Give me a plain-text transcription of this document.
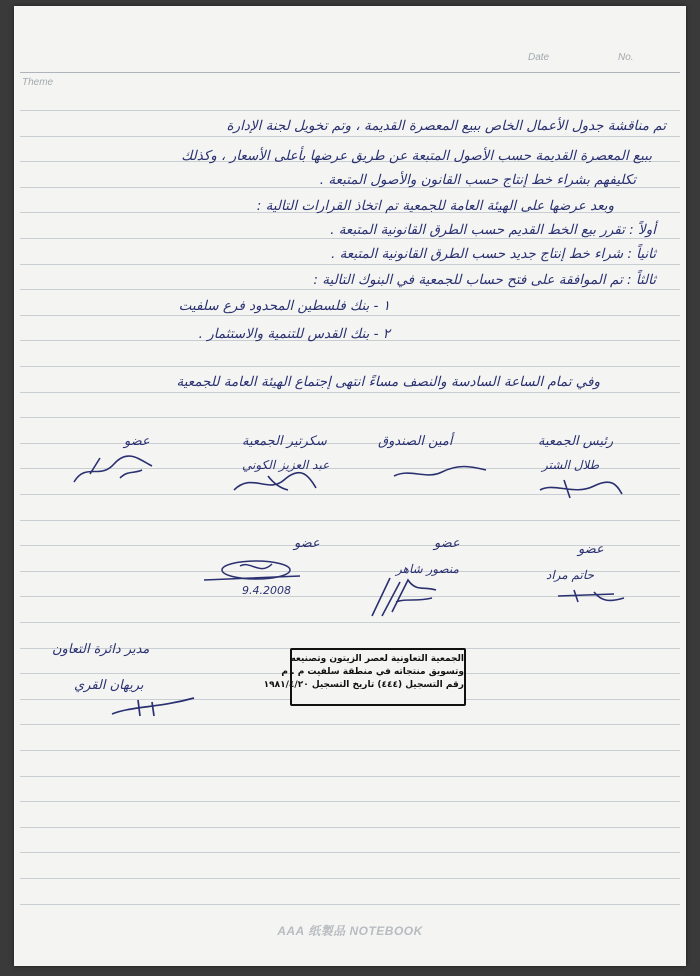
Theme
Date	No.
تم مناقشة جدول الأعمال الخاص ببيع المعصرة القديمة ، وتم تخويل لجنة الإدارة
ببيع المعصرة القديمة حسب الأصول المتبعة عن طريق عرضها بأعلى الأسعار ، وكذلك
تكليفهم بشراء خط إنتاج حسب القانون والأصول المتبعة .
وبعد عرضها على الهيئة العامة للجمعية تم اتخاذ القرارات التالية :
أولاً : تقرر بيع الخط القديم حسب الطرق القانونية المتبعة .
ثانياً : شراء خط إنتاج جديد حسب الطرق القانونية المتبعة .
ثالثاً : تم الموافقة على فتح حساب للجمعية في البنوك التالية :
١ - بنك فلسطين المحدود فرع سلفيت
٢ - بنك القدس للتنمية والاستثمار .
وفي تمام الساعة السادسة والنصف مساءً انتهى إجتماع الهيئة العامة للجمعية
رئيس الجمعية
طلال الشتر
أمين الصندوق
سكرتير الجمعية
عبد العزيز الكوني
عضو
عضو
حاتم مراد
عضو
منصور شاهر
عضو
9.4.2008
مدير دائرة التعاون
بريهان القري
الجمعية التعاونية لعصر الزيتون وتصنيعه
وتسويق منتجاته في منطقة سلفيت م . م
رقم التسجيل (٤٤٤) تاريخ التسجيل ١٩٨١/٤/٢٠
AAA 纸製品 NOTEBOOK
